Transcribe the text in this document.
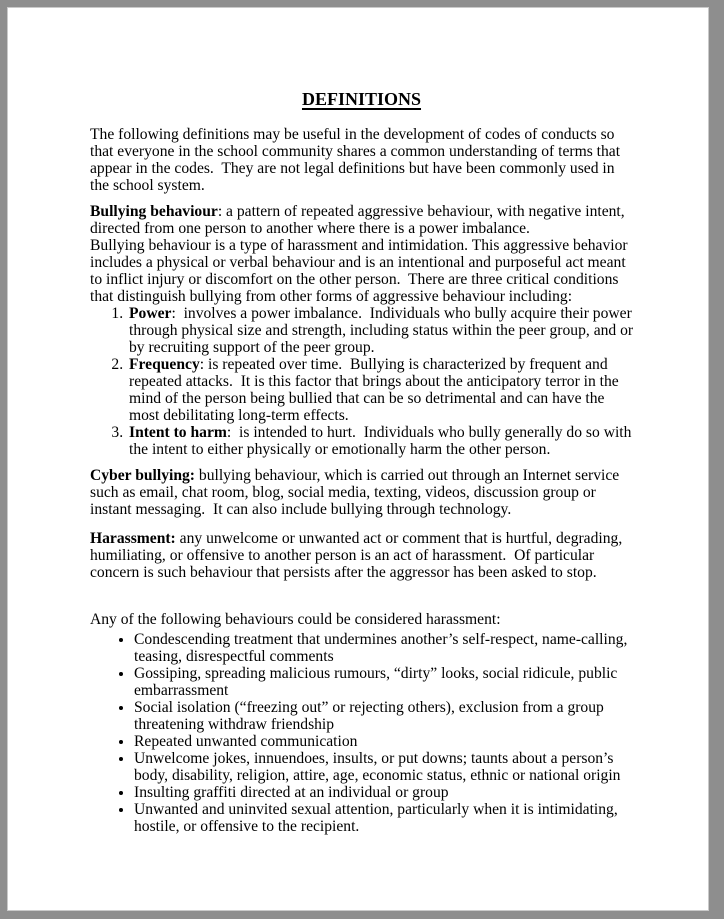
DEFINITIONS

The following definitions may be useful in the development of codes of conducts so that everyone in the school community shares a common understanding of terms that appear in the codes.  They are not legal definitions but have been commonly used in the school system.

Bullying behaviour: a pattern of repeated aggressive behaviour, with negative intent, directed from one person to another where there is a power imbalance.

Bullying behaviour is a type of harassment and intimidation. This aggressive behavior includes a physical or verbal behaviour and is an intentional and purposeful act meant to inflict injury or discomfort on the other person.  There are three critical conditions that distinguish bullying from other forms of aggressive behaviour including:

1. Power:  involves a power imbalance.  Individuals who bully acquire their power through physical size and strength, including status within the peer group, and or by recruiting support of the peer group.
2. Frequency: is repeated over time.  Bullying is characterized by frequent and repeated attacks.  It is this factor that brings about the anticipatory terror in the mind of the person being bullied that can be so detrimental and can have the most debilitating long-term effects.
3. Intent to harm:  is intended to hurt.  Individuals who bully generally do so with the intent to either physically or emotionally harm the other person.

Cyber bullying: bullying behaviour, which is carried out through an Internet service such as email, chat room, blog, social media, texting, videos, discussion group or instant messaging.  It can also include bullying through technology.

Harassment: any unwelcome or unwanted act or comment that is hurtful, degrading, humiliating, or offensive to another person is an act of harassment.  Of particular concern is such behaviour that persists after the aggressor has been asked to stop.

Any of the following behaviours could be considered harassment:

• Condescending treatment that undermines another’s self-respect, name-calling, teasing, disrespectful comments
• Gossiping, spreading malicious rumours, “dirty” looks, social ridicule, public embarrassment
• Social isolation (“freezing out” or rejecting others), exclusion from a group threatening withdraw friendship
• Repeated unwanted communication
• Unwelcome jokes, innuendoes, insults, or put downs; taunts about a person’s body, disability, religion, attire, age, economic status, ethnic or national origin
• Insulting graffiti directed at an individual or group
• Unwanted and uninvited sexual attention, particularly when it is intimidating, hostile, or offensive to the recipient.
